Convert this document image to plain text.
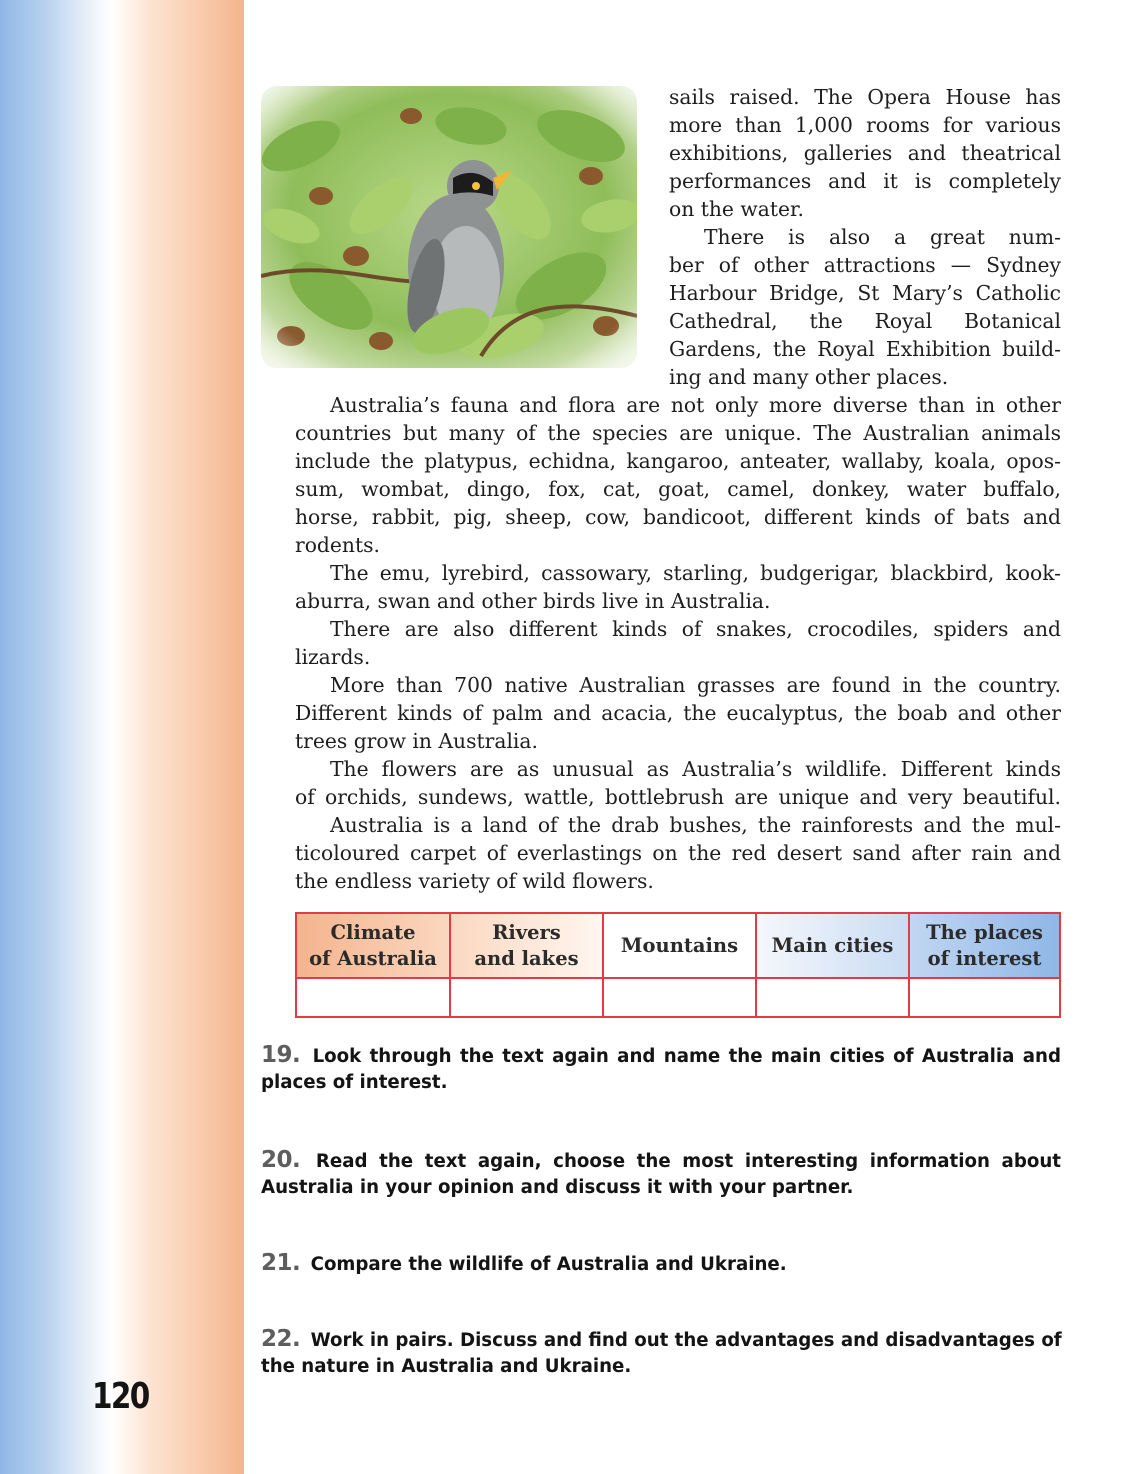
120
sails raised. The Opera House has
more than 1,000 rooms for various
exhibitions, galleries and theatrical
performances and it is completely
on the water.
There is also a great num-
ber of other attractions — Sydney
Harbour Bridge, St Mary’s Catholic
Cathedral, the Royal Botanical
Gardens, the Royal Exhibition build-
ing and many other places.
Australia’s fauna and flora are not only more diverse than in other
countries but many of the species are unique. The Australian animals
include the platypus, echidna, kangaroo, anteater, wallaby, koala, opos-
sum, wombat, dingo, fox, cat, goat, camel, donkey, water buffalo,
horse, rabbit, pig, sheep, cow, bandicoot, different kinds of bats and
rodents.
The emu, lyrebird, cassowary, starling, budgerigar, blackbird, kook-
aburra, swan and other birds live in Australia.
There are also different kinds of snakes, crocodiles, spiders and
lizards.
More than 700 native Australian grasses are found in the country.
Different kinds of palm and acacia, the eucalyptus, the boab and other
trees grow in Australia.
The flowers are as unusual as Australia’s wildlife. Different kinds
of orchids, sundews, wattle, bottlebrush are unique and very beautiful.
Australia is a land of the drab bushes, the rainforests and the mul-
ticoloured carpet of everlastings on the red desert sand after rain and
the endless variety of wild flowers.
Climate
of Australia
Rivers
and lakes
Mountains Main cities
The places
of interest
19. Look through the text again and name the main cities of Australia and
places of interest.
20. Read the text again, choose the most interesting information about
Australia in your opinion and discuss it with your partner.
21. Compare the wildlife of Australia and Ukraine.
22. Work in pairs. Discuss and find out the advantages and disadvantages of
the nature in Australia and Ukraine.
